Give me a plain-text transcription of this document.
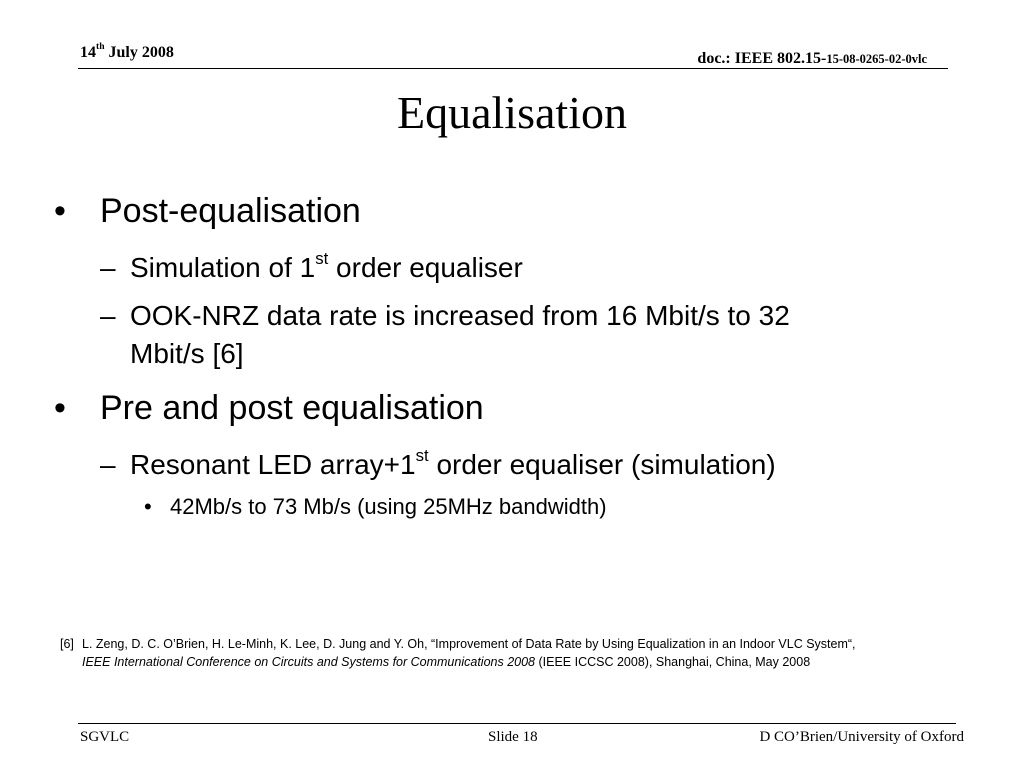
14th July 2008	doc.: IEEE 802.15-15-08-0265-02-0vlc
Equalisation
• Post-equalisation
– Simulation of 1st order equaliser
– OOK-NRZ data rate is increased from 16 Mbit/s to 32
Mbit/s [6]
• Pre and post equalisation
– Resonant LED array+1st order equaliser (simulation)
• 42Mb/s to 73 Mb/s (using 25MHz bandwidth)
[6] L. Zeng, D. C. O’Brien, H. Le-Minh, K. Lee, D. Jung and Y. Oh, “Improvement of Data Rate by Using Equalization in an Indoor VLC System“,
IEEE International Conference on Circuits and Systems for Communications 2008 (IEEE ICCSC 2008), Shanghai, China, May 2008
SGVLC	Slide 18	D CO’Brien/University of Oxford
